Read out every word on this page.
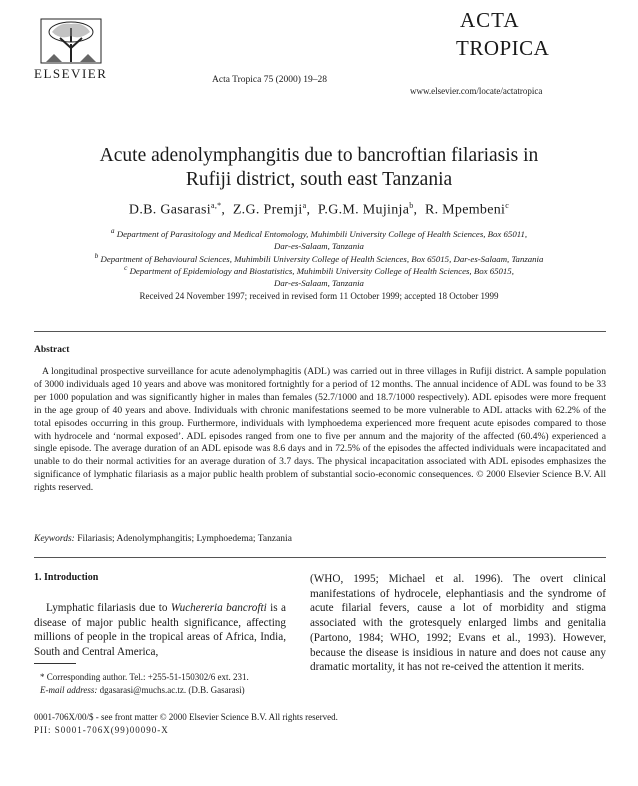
ELSEVIER	Acta Tropica 75 (2000) 19–28
ACTA
TROPICA
www.elsevier.com/locate/actatropica
Acute adenolymphangitis due to bancroftian filariasis in
Rufiji district, south east Tanzania
D.B. Gasarasi$^{a,*}$,  Z.G. Premji$^a$,  P.G.M. Mujinja$^b$,  R. Mpembeni$^c$
$^a$ Department of Parasitology and Medical Entomology, Muhimbili University College of Health Sciences, Box 65011,
Dar-es-Salaam, Tanzania
$^b$ Department of Behavioural Sciences, Muhimbili University College of Health Sciences, Box 65015, Dar-es-Salaam, Tanzania
$^c$ Department of Epidemiology and Biostatistics, Muhimbili University College of Health Sciences, Box 65015,
Dar-es-Salaam, Tanzania
Received 24 November 1997; received in revised form 11 October 1999; accepted 18 October 1999
Abstract
A longitudinal prospective surveillance for acute adenolymphagitis (ADL) was carried out in three villages in Rufiji district. A sample population of 3000 individuals aged 10 years and above was monitored fortnightly for a period of 12 months. The annual incidence of ADL was found to be 33 per 1000 population and was significantly higher in males than females (52.7/1000 and 18.7/1000 respectively). ADL episodes were more frequent in the age group of 40 years and above. Individuals with chronic manifestations seemed to be more vulnerable to ADL attacks with 62.2% of the total episodes occurring in this group. Furthermore, individuals with lymphoedema experienced more frequent acute episodes compared to those with hydrocele and ‘normal exposed’. ADL episodes ranged from one to five per annum and the majority of the affected (60.4%) experienced a single episode. The average duration of an ADL episode was 8.6 days and in 72.5% of the episodes the affected individuals were incapacitated and unable to do their normal activities for an average duration of 3.7 days. The physical incapacitation associated with ADL episodes emphasizes the significance of lymphatic filariasis as a major public health problem of substantial socio-economic consequences. © 2000 Elsevier Science B.V. All rights reserved.
Keywords: Filariasis; Adenolymphangitis; Lymphoedema; Tanzania
1. Introduction
Lymphatic filariasis due to Wuchereria bancrofti is a disease of major public health significance, affecting millions of people in the tropical areas of Africa, India, South and Central America,
(WHO, 1995; Michael et al. 1996). The overt clinical manifestations of hydrocele, elephantiasis and the syndrome of acute filarial fevers, cause a lot of morbidity and stigma associated with the grotesquely enlarged limbs and genitalia (Partono, 1984; WHO, 1992; Evans et al., 1993). However, because the disease is insidious in nature and does not cause any dramatic mortality, it has not re-ceived the attention it merits.
* Corresponding author. Tel.: +255-51-150302/6 ext. 231.
E-mail address: dgasarasi@muchs.ac.tz. (D.B. Gasarasi)
0001-706X/00/$ - see front matter © 2000 Elsevier Science B.V. All rights reserved.
PII: S0001-706X(99)00090-X
